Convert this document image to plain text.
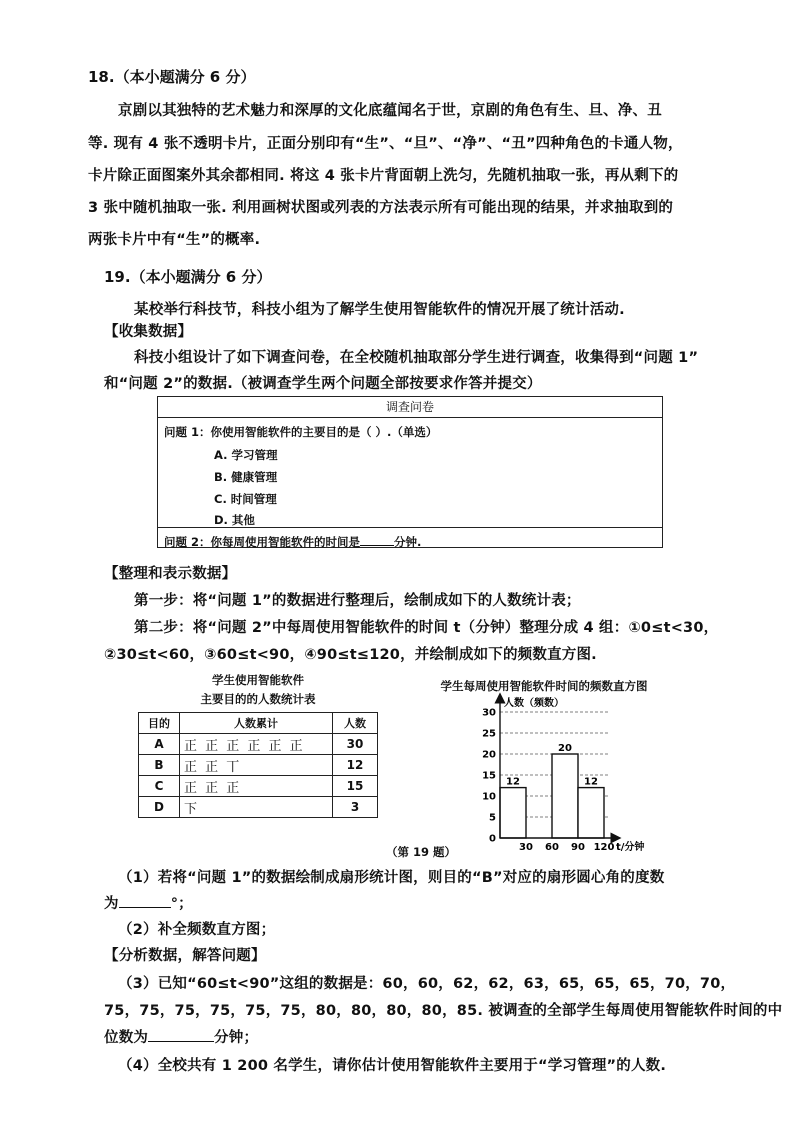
18.（本小题满分 6 分）
京剧以其独特的艺术魅力和深厚的文化底蕴闻名于世，京剧的角色有生、旦、净、丑
等. 现有 4 张不透明卡片，正面分别印有“生”、“旦”、“净”、“丑”四种角色的卡通人物，
卡片除正面图案外其余都相同. 将这 4 张卡片背面朝上洗匀，先随机抽取一张，再从剩下的
3 张中随机抽取一张. 利用画树状图或列表的方法表示所有可能出现的结果，并求抽取到的
两张卡片中有“生”的概率.
19.（本小题满分 6 分）
某校举行科技节，科技小组为了解学生使用智能软件的情况开展了统计活动.
【收集数据】
科技小组设计了如下调查问卷，在全校随机抽取部分学生进行调查，收集得到“问题 1”
和“问题 2”的数据.（被调查学生两个问题全部按要求作答并提交）
调查问卷
问题 1：你使用智能软件的主要目的是（ ）.（单选）
A. 学习管理
B. 健康管理
C. 时间管理
D. 其他
问题 2：你每周使用智能软件的时间是	分钟.
【整理和表示数据】
第一步：将“问题 1”的数据进行整理后，绘制成如下的人数统计表；
第二步：将“问题 2”中每周使用智能软件的时间 t（分钟）整理分成 4 组：①0≤t<30，
②30≤t<60，③60≤t<90，④90≤t≤120，并绘制成如下的频数直方图.
学生使用智能软件
主要目的的人数统计表
目的	人数累计	人数
A	正 正 正 正 正 正	30
B	正 正 丅	12
C	正 正 正	15
D	下	3
学生每周使用智能软件时间的频数直方图
人数（频数）
t/分钟
0
5
10
15
20
25
30
30 60 90 120
12
20
12
（第 19 题）
（1）若将“问题 1”的数据绘制成扇形统计图，则目的“B”对应的扇形圆心角的度数
为	°；
（2）补全频数直方图；
【分析数据，解答问题】
（3）已知“60≤t<90”这组的数据是：60，60，62，62，63，65，65，65，70，70，
75，75，75，75，75，75，80，80，80，80，85. 被调查的全部学生每周使用智能软件时间的中
位数为	分钟；
（4）全校共有 1 200 名学生，请你估计使用智能软件主要用于“学习管理”的人数.
